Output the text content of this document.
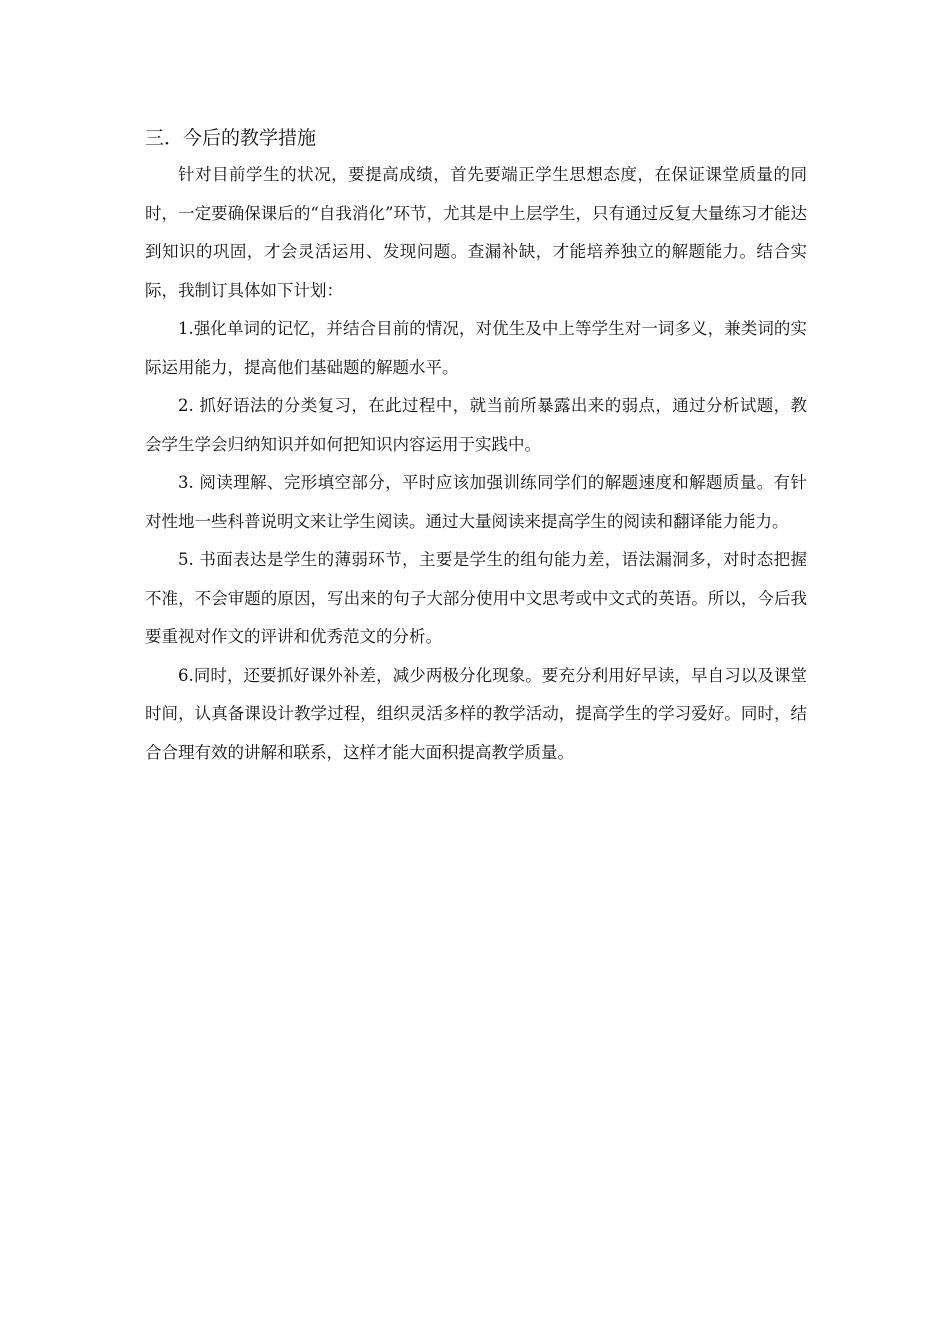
三．今后的教学措施

针对目前学生的状况，要提高成绩，首先要端正学生思想态度，在保证课堂质量的同时，一定要确保课后的“自我消化”环节，尤其是中上层学生，只有通过反复大量练习才能达到知识的巩固，才会灵活运用、发现问题。查漏补缺，才能培养独立的解题能力。结合实际，我制订具体如下计划：

1.强化单词的记忆，并结合目前的情况，对优生及中上等学生对一词多义，兼类词的实际运用能力，提高他们基础题的解题水平。

2. 抓好语法的分类复习，在此过程中，就当前所暴露出来的弱点，通过分析试题，教会学生学会归纳知识并如何把知识内容运用于实践中。

3. 阅读理解、完形填空部分，平时应该加强训练同学们的解题速度和解题质量。有针对性地一些科普说明文来让学生阅读。通过大量阅读来提高学生的阅读和翻译能力能力。

5. 书面表达是学生的薄弱环节，主要是学生的组句能力差，语法漏洞多，对时态把握不准，不会审题的原因，写出来的句子大部分使用中文思考或中文式的英语。所以，今后我要重视对作文的评讲和优秀范文的分析。

6.同时，还要抓好课外补差，减少两极分化现象。要充分利用好早读，早自习以及课堂时间，认真备课设计教学过程，组织灵活多样的教学活动，提高学生的学习爱好。同时，结合合理有效的讲解和联系，这样才能大面积提高教学质量。
